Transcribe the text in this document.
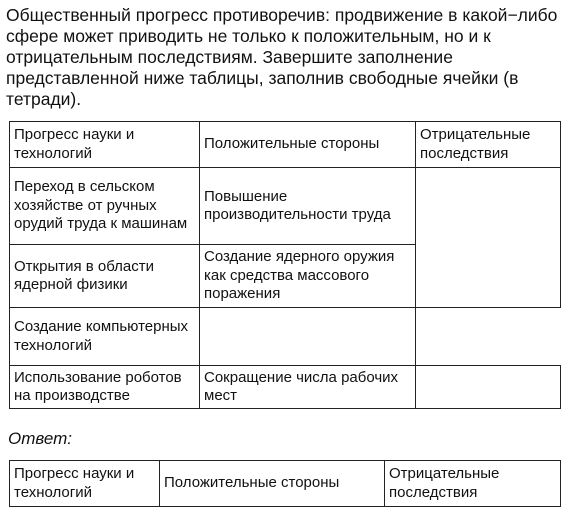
Общественный прогресс противоречив: продвижение в какой−либо сфере может приводить не только к положительным, но и к отрицательным последствиям. Завершите заполнение представленной ниже таблицы, заполнив свободные ячейки (в тетради).

Прогресс науки и технологий	Положительные стороны	Отрицательные последствия
Переход в сельском хозяйстве от ручных орудий труда к машинам	Повышение производительности труда	
Открытия в области ядерной физики	Создание ядерного оружия как средства массового поражения	
Создание компьютерных технологий		
Использование роботов на производстве	Сокращение числа рабочих мест	

Ответ:

Прогресс науки и технологий	Положительные стороны	Отрицательные последствия
